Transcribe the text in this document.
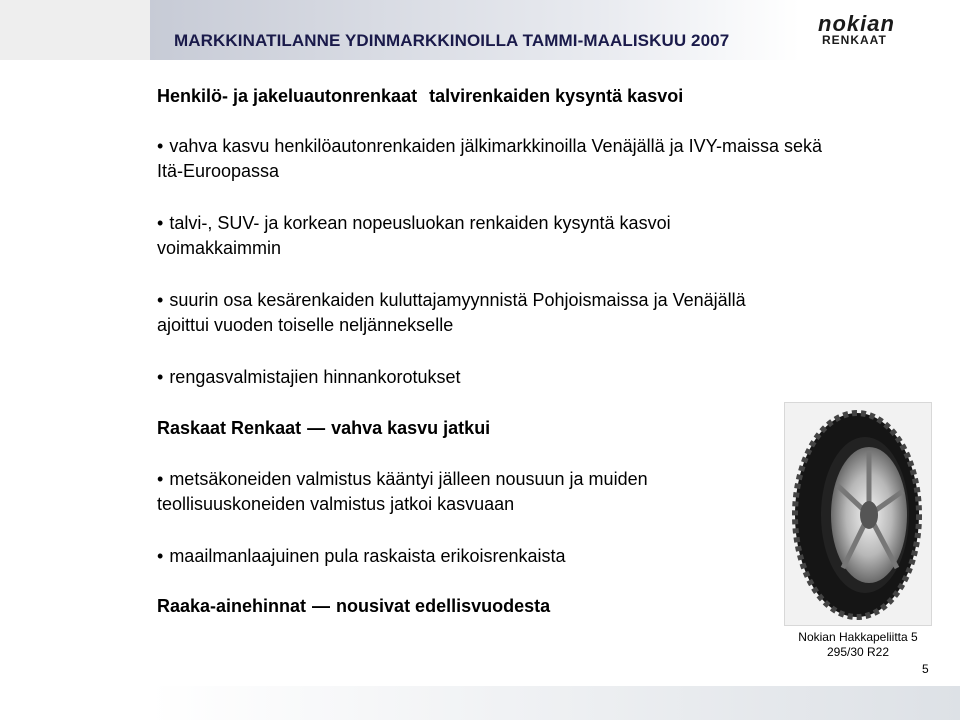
MARKKINATILANNE YDINMARKKINOILLA TAMMI-MAALISKUU 2007
nokian
RENKAAT
Henkilö- ja jakeluautonrenkaat talvirenkaiden kysyntä kasvoi
• vahva kasvu henkilöautonrenkaiden jälkimarkkinoilla Venäjällä ja IVY-maissa sekä Itä-Euroopassa
• talvi-, SUV- ja korkean nopeusluokan renkaiden kysyntä kasvoi voimakkaimmin
• suurin osa kesärenkaiden kuluttajamyynnistä Pohjoismaissa ja Venäjällä ajoittui vuoden toiselle neljännekselle
• rengasvalmistajien hinnankorotukset
Raskaat Renkaat — vahva kasvu jatkui
• metsäkoneiden valmistus kääntyi jälleen nousuun ja muiden teollisuuskoneiden valmistus jatkoi kasvuaan
• maailmanlaajuinen pula raskaista erikoisrenkaista
Raaka-ainehinnat — nousivat edellisvuodesta
Nokian Hakkapeliitta 5
295/30 R22
5
